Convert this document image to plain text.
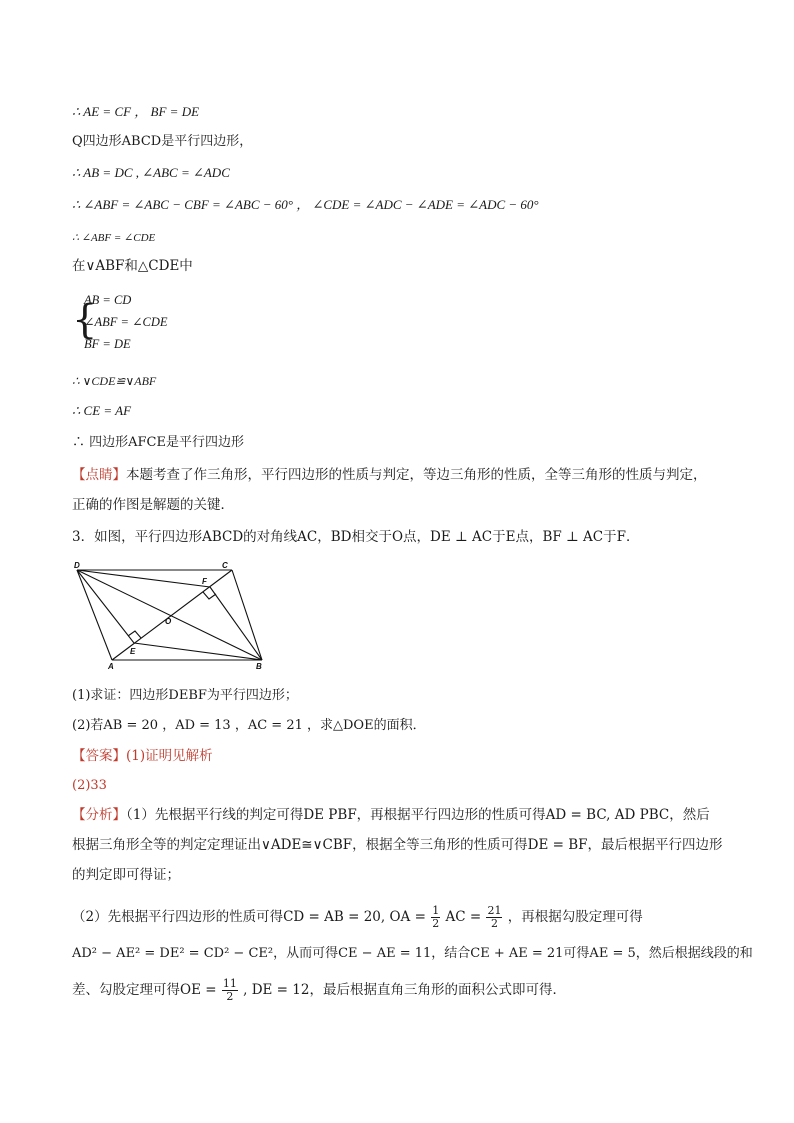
∴ AE = CF ， BF = DE
Q四边形ABCD是平行四边形，
∴ AB = DC , ∠ABC = ∠ADC
∴ ∠ABF = ∠ABC − CBF = ∠ABC − 60° ， ∠CDE = ∠ADC − ∠ADE = ∠ADC − 60°
∴ ∠ABF = ∠CDE
在∨ABF和△CDE中
{
AB = CD
∠ABF = ∠CDE
BF = DE
∴ ∨CDE≌∨ABF
∴ CE = AF
∴ 四边形AFCE是平行四边形
【点睛】本题考查了作三角形，平行四边形的性质与判定，等边三角形的性质，全等三角形的性质与判定，
正确的作图是解题的关键．
3．如图，平行四边形ABCD的对角线AC，BD相交于O点，DE ⊥ AC于E点，BF ⊥ AC于F．
D	C
F
O
E
A	B
(1)求证：四边形DEBF为平行四边形；
(2)若AB = 20 ，AD = 13 ，AC = 21 ，求△DOE的面积．
【答案】(1)证明见解析
(2)33
【分析】（1）先根据平行线的判定可得DE PBF，再根据平行四边形的性质可得AD = BC, AD PBC，然后
根据三角形全等的判定定理证出∨ADE≅∨CBF，根据全等三角形的性质可得DE = BF，最后根据平行四边形
的判定即可得证；
（2）先根据平行四边形的性质可得CD = AB = 20, OA = $\frac{1}{2}$ AC = $\frac{21}{2}$ ，再根据勾股定理可得
AD² − AE² = DE² = CD² − CE²，从而可得CE − AE = 11，结合CE + AE = 21可得AE = 5，然后根据线段的和
差、勾股定理可得OE = $\frac{11}{2}$ , DE = 12，最后根据直角三角形的面积公式即可得．
